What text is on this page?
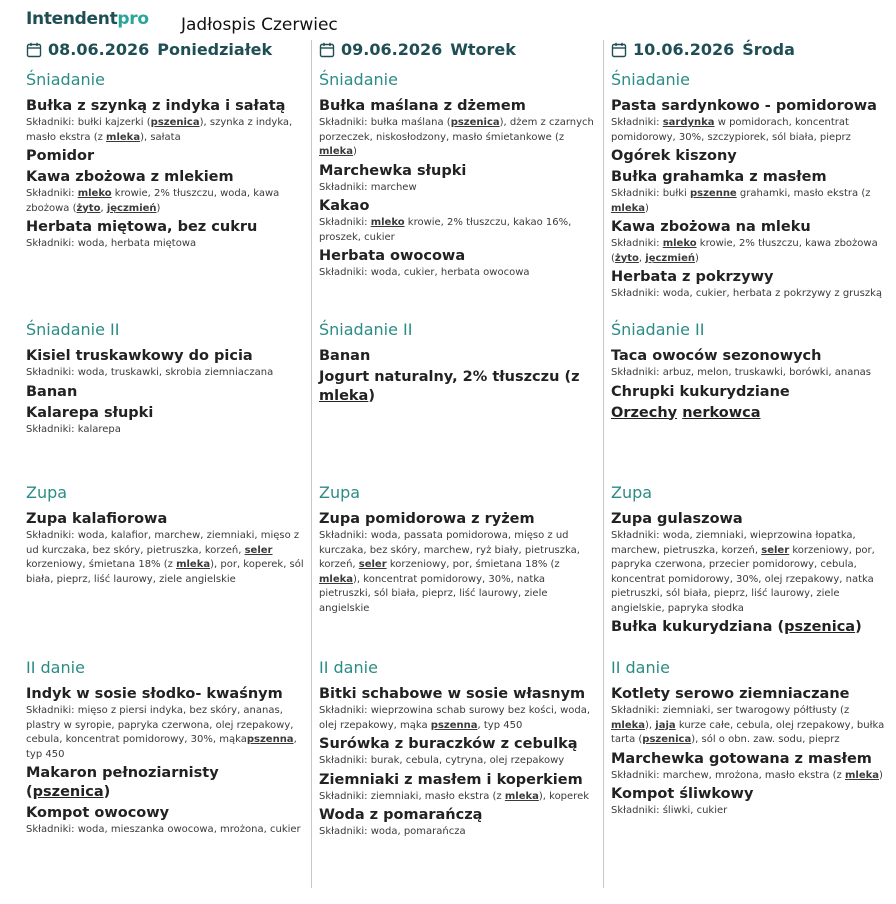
Intendentpro Jadłospis Czerwiec
08.06.2026 Poniedziałek
Śniadanie
Bułka z szynką z indyka i sałatą
Składniki: bułki kajzerki (pszenica), szynka z indyka, masło ekstra (z mleka), sałata
Pomidor
Kawa zbożowa z mlekiem
Składniki: mleko krowie, 2% tłuszczu, woda, kawa zbożowa (żyto, jęczmień)
Herbata miętowa, bez cukru
Składniki: woda, herbata miętowa
Śniadanie II
Kisiel truskawkowy do picia
Składniki: woda, truskawki, skrobia ziemniaczana
Banan
Kalarepa słupki
Składniki: kalarepa
Zupa
Zupa kalafiorowa
Składniki: woda, kalafior, marchew, ziemniaki, mięso z ud kurczaka, bez skóry, pietruszka, korzeń, seler korzeniowy, śmietana 18% (z mleka), por, koperek, sól biała, pieprz, liść laurowy, ziele angielskie
II danie
Indyk w sosie słodko- kwaśnym
Składniki: mięso z piersi indyka, bez skóry, ananas, plastry w syropie, papryka czerwona, olej rzepakowy, cebula, koncentrat pomidorowy, 30%, mąkapszenna, typ 450
Makaron pełnoziarnisty (pszenica)
Kompot owocowy
Składniki: woda, mieszanka owocowa, mrożona, cukier
09.06.2026 Wtorek
Śniadanie
Bułka maślana z dżemem
Składniki: bułka maślana (pszenica), dżem z czarnych porzeczek, niskosłodzony, masło śmietankowe (z mleka)
Marchewka słupki
Składniki: marchew
Kakao
Składniki: mleko krowie, 2% tłuszczu, kakao 16%, proszek, cukier
Herbata owocowa
Składniki: woda, cukier, herbata owocowa
Śniadanie II
Banan
Jogurt naturalny, 2% tłuszczu (z mleka)
Zupa
Zupa pomidorowa z ryżem
Składniki: woda, passata pomidorowa, mięso z ud kurczaka, bez skóry, marchew, ryż biały, pietruszka, korzeń, seler korzeniowy, por, śmietana 18% (z mleka), koncentrat pomidorowy, 30%, natka pietruszki, sól biała, pieprz, liść laurowy, ziele angielskie
II danie
Bitki schabowe w sosie własnym
Składniki: wieprzowina schab surowy bez kości, woda, olej rzepakowy, mąka pszenna, typ 450
Surówka z buraczków z cebulką
Składniki: burak, cebula, cytryna, olej rzepakowy
Ziemniaki z masłem i koperkiem
Składniki: ziemniaki, masło ekstra (z mleka), koperek
Woda z pomarańczą
Składniki: woda, pomarańcza
10.06.2026 Środa
Śniadanie
Pasta sardynkowo - pomidorowa
Składniki: sardynka w pomidorach, koncentrat pomidorowy, 30%, szczypiorek, sól biała, pieprz
Ogórek kiszony
Bułka grahamka z masłem
Składniki: bułki pszenne grahamki, masło ekstra (z mleka)
Kawa zbożowa na mleku
Składniki: mleko krowie, 2% tłuszczu, kawa zbożowa (żyto, jęczmień)
Herbata z pokrzywy
Składniki: woda, cukier, herbata z pokrzywy z gruszką
Śniadanie II
Taca owoców sezonowych
Składniki: arbuz, melon, truskawki, borówki, ananas
Chrupki kukurydziane
Orzechy nerkowca
Zupa
Zupa gulaszowa
Składniki: woda, ziemniaki, wieprzowina łopatka, marchew, pietruszka, korzeń, seler korzeniowy, por, papryka czerwona, przecier pomidorowy, cebula, koncentrat pomidorowy, 30%, olej rzepakowy, natka pietruszki, sól biała, pieprz, liść laurowy, ziele angielskie, papryka słodka
Bułka kukurydziana (pszenica)
II danie
Kotlety serowo ziemniaczane
Składniki: ziemniaki, ser twarogowy półtłusty (z mleka), jaja kurze całe, cebula, olej rzepakowy, bułka tarta (pszenica), sól o obn. zaw. sodu, pieprz
Marchewka gotowana z masłem
Składniki: marchew, mrożona, masło ekstra (z mleka)
Kompot śliwkowy
Składniki: śliwki, cukier
